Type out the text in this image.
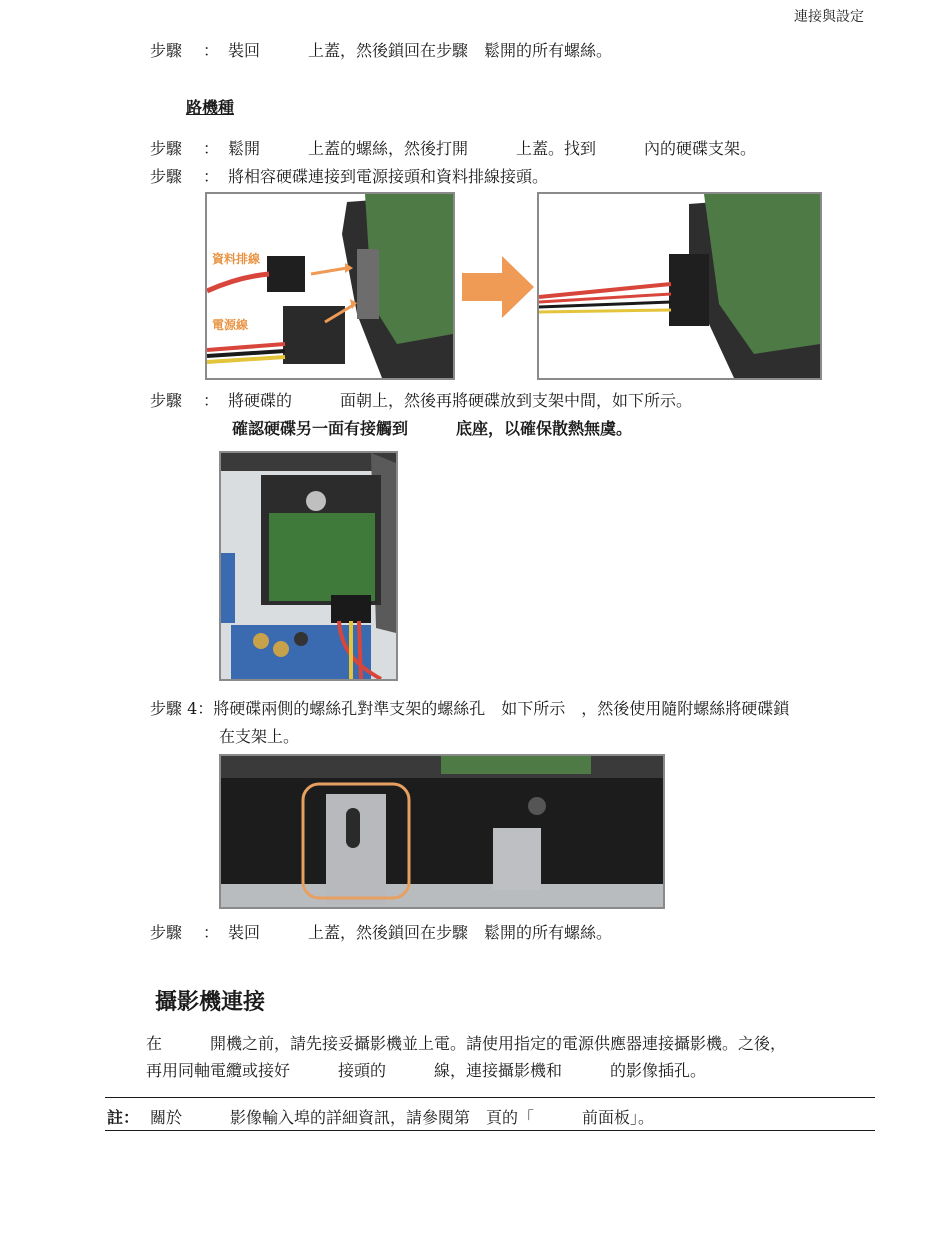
連接與設定
步驟 ： 裝回　　　上蓋，然後鎖回在步驟　鬆開的所有螺絲。
路機種
步驟 ： 鬆開　　　上蓋的螺絲，然後打開　　　上蓋。找到　　　內的硬碟支架。
步驟 ： 將相容硬碟連接到電源接頭和資料排線接頭。
資料排線
電源線
步驟 ： 將硬碟的　　　面朝上，然後再將硬碟放到支架中間，如下所示。
確認硬碟另一面有接觸到　　　底座，以確保散熱無虞。
步驟 4：將硬碟兩側的螺絲孔對準支架的螺絲孔　如下所示　，然後使用隨附螺絲將硬碟鎖
在支架上。
步驟 ： 裝回　　　上蓋，然後鎖回在步驟　鬆開的所有螺絲。
攝影機連接
在　　　開機之前，請先接妥攝影機並上電。請使用指定的電源供應器連接攝影機。之後，
再用同軸電纜或接好　　　接頭的　　　線，連接攝影機和　　　的影像插孔。
註： 關於　　　影像輸入埠的詳細資訊，請參閱第　頁的「　　　前面板」。
